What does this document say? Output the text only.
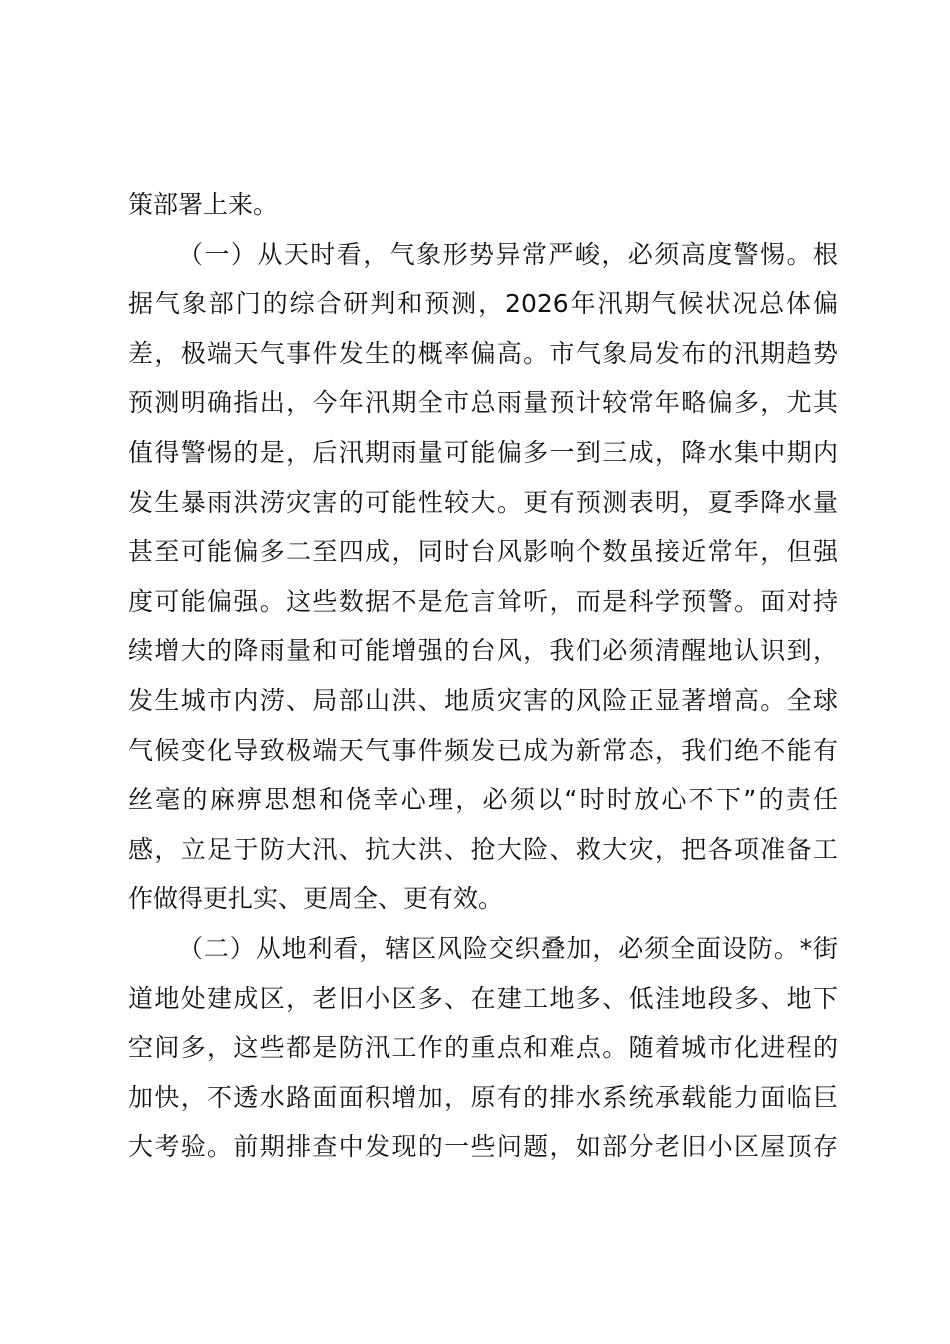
策部署上来。
（一）从天时看，气象形势异常严峻，必须高度警惕。根
据气象部门的综合研判和预测，2026年汛期气候状况总体偏
差，极端天气事件发生的概率偏高。市气象局发布的汛期趋势
预测明确指出，今年汛期全市总雨量预计较常年略偏多，尤其
值得警惕的是，后汛期雨量可能偏多一到三成，降水集中期内
发生暴雨洪涝灾害的可能性较大。更有预测表明，夏季降水量
甚至可能偏多二至四成，同时台风影响个数虽接近常年，但强
度可能偏强。这些数据不是危言耸听，而是科学预警。面对持
续增大的降雨量和可能增强的台风，我们必须清醒地认识到，
发生城市内涝、局部山洪、地质灾害的风险正显著增高。全球
气候变化导致极端天气事件频发已成为新常态，我们绝不能有
丝毫的麻痹思想和侥幸心理，必须以“时时放心不下”的责任
感，立足于防大汛、抗大洪、抢大险、救大灾，把各项准备工
作做得更扎实、更周全、更有效。
（二）从地利看，辖区风险交织叠加，必须全面设防。*街
道地处建成区，老旧小区多、在建工地多、低洼地段多、地下
空间多，这些都是防汛工作的重点和难点。随着城市化进程的
加快，不透水路面面积增加，原有的排水系统承载能力面临巨
大考验。前期排查中发现的一些问题，如部分老旧小区屋顶存
